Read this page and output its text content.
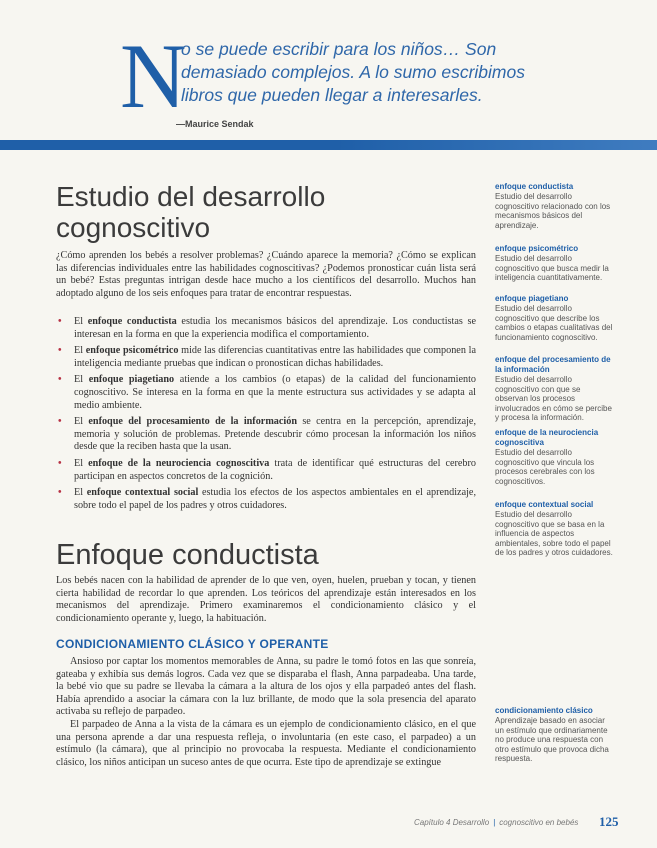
N
o se puede escribir para los niños… Son demasiado complejos. A lo sumo escribimos libros que pueden llegar a interesarles.
—Maurice Sendak
Estudio del desarrollo cognoscitivo

¿Cómo aprenden los bebés a resolver problemas? ¿Cuándo aparece la memoria? ¿Cómo se explican las diferencias individuales entre las habilidades cognoscitivas? ¿Podemos pronosticar cuán lista será un bebé? Estas preguntas intrigan desde hace mucho a los científicos del desarrollo. Muchos han adoptado alguno de los seis enfoques para tratar de encontrar respuestas.

• El enfoque conductista estudia los mecanismos básicos del aprendizaje. Los conductistas se interesan en la forma en que la experiencia modifica el comportamiento.
• El enfoque psicométrico mide las diferencias cuantitativas entre las habilidades que componen la inteligencia mediante pruebas que indican o pronostican dichas habilidades.
• El enfoque piagetiano atiende a los cambios (o etapas) de la calidad del funcionamiento cognoscitivo. Se interesa en la forma en que la mente estructura sus actividades y se adapta al medio ambiente.
• El enfoque del procesamiento de la información se centra en la percepción, aprendizaje, memoria y solución de problemas. Pretende descubrir cómo procesan la información los niños desde que la reciben hasta que la usan.
• El enfoque de la neurociencia cognoscitiva trata de identificar qué estructuras del cerebro participan en aspectos concretos de la cognición.
• El enfoque contextual social estudia los efectos de los aspectos ambientales en el aprendizaje, sobre todo el papel de los padres y otros cuidadores.
Enfoque conductista

Los bebés nacen con la habilidad de aprender de lo que ven, oyen, huelen, prueban y tocan, y tienen cierta habilidad de recordar lo que aprenden. Los teóricos del aprendizaje están interesados en los mecanismos del aprendizaje. Primero examinaremos el condicionamiento clásico y el condicionamiento operante y, luego, la habituación.

CONDICIONAMIENTO CLÁSICO Y OPERANTE

Ansioso por captar los momentos memorables de Anna, su padre le tomó fotos en las que sonreía, gateaba y exhibía sus demás logros. Cada vez que se disparaba el flash, Anna parpadeaba. Una tarde, la bebé vio que su padre se llevaba la cámara a la altura de los ojos y ella parpadeó antes del flash. Había aprendido a asociar la cámara con la luz brillante, de modo que la sola presencia del aparato activaba su reflejo de parpadeo.

El parpadeo de Anna a la vista de la cámara es un ejemplo de condicionamiento clásico, en el que una persona aprende a dar una respuesta refleja, o involuntaria (en este caso, el parpadeo) a un estímulo (la cámara), que al principio no provocaba la respuesta. Mediante el condicionamiento clásico, los niños anticipan un suceso antes de que ocurra. Este tipo de aprendizaje se extingue

enfoque conductista
Estudio del desarrollo cognoscitivo relacionado con los mecanismos básicos del aprendizaje.
enfoque psicométrico
Estudio del desarrollo cognoscitivo que busca medir la inteligencia cuantitativamente.
enfoque piagetiano
Estudio del desarrollo cognoscitivo que describe los cambios o etapas cualitativas del funcionamiento cognoscitivo.
enfoque del procesamiento de la información
Estudio del desarrollo cognoscitivo con que se observan los procesos involucrados en cómo se percibe y procesa la información.
enfoque de la neurociencia cognoscitiva
Estudio del desarrollo cognoscitivo que vincula los procesos cerebrales con los cognoscitivos.
enfoque contextual social
Estudio del desarrollo cognoscitivo que se basa en la influencia de aspectos ambientales, sobre todo el papel de los padres y otros cuidadores.
condicionamiento clásico
Aprendizaje basado en asociar un estímulo que ordinariamente no produce una respuesta con otro estímulo que provoca dicha respuesta.
Capítulo 4 Desarrollo | cognoscitivo en bebés 125
